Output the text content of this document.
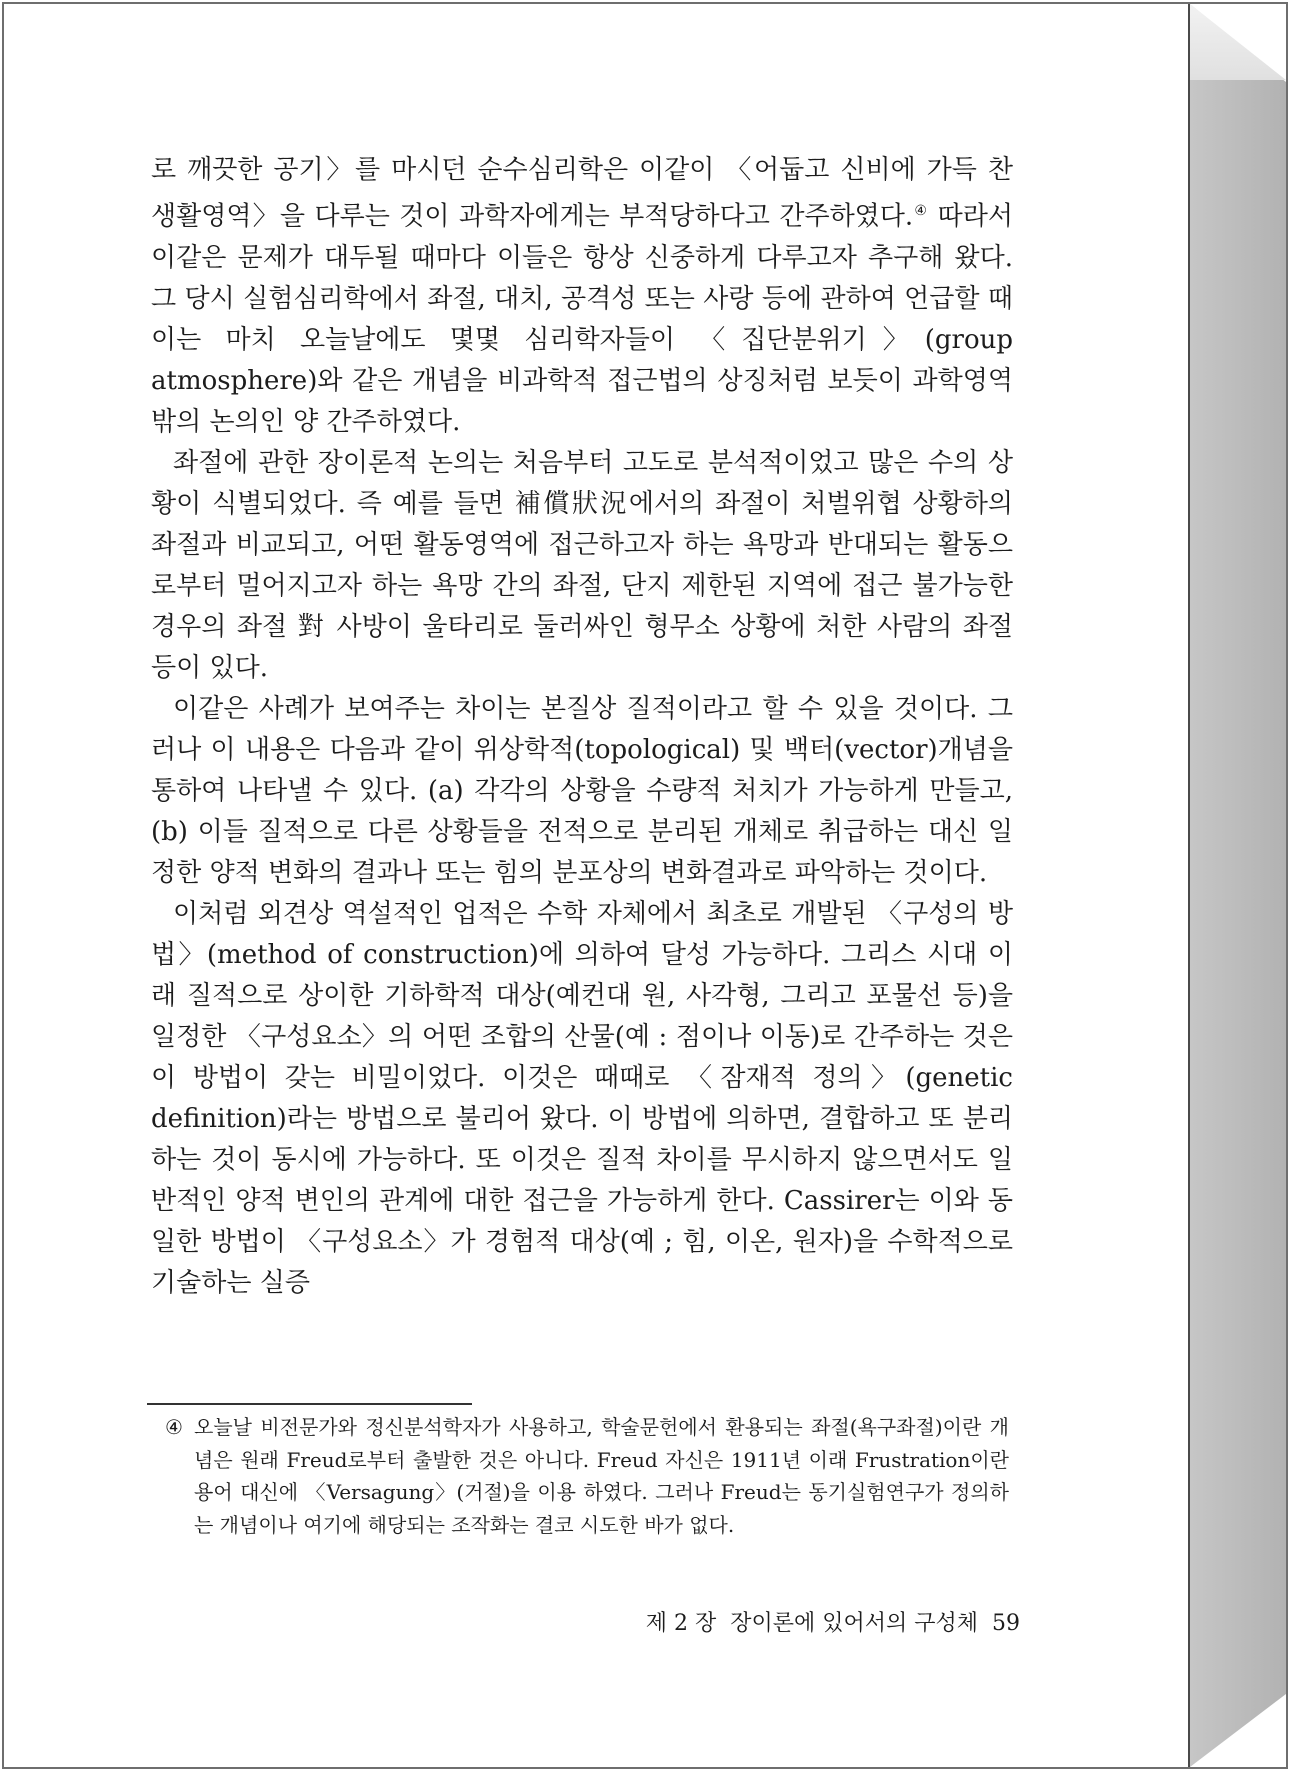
로 깨끗한 공기〉를 마시던 순수심리학은 이같이 〈어둡고 신비에 가득 찬 생활영역〉을 다루는 것이 과학자에게는 부적당하다고 간주하였다.④ 따라서 이같은 문제가 대두될 때마다 이들은 항상 신중하게 다루고자 추구해 왔다. 그 당시 실험심리학에서 좌절, 대치, 공격성 또는 사랑 등에 관하여 언급할 때 이는 마치 오늘날에도 몇몇 심리학자들이 〈집단분위기〉(group atmosphere)와 같은 개념을 비과학적 접근법의 상징처럼 보듯이 과학영역 밖의 논의인 양 간주하였다.

좌절에 관한 장이론적 논의는 처음부터 고도로 분석적이었고 많은 수의 상황이 식별되었다. 즉 예를 들면 補償狀況에서의 좌절이 처벌위협 상황하의 좌절과 비교되고, 어떤 활동영역에 접근하고자 하는 욕망과 반대되는 활동으로부터 멀어지고자 하는 욕망 간의 좌절, 단지 제한된 지역에 접근 불가능한 경우의 좌절 對 사방이 울타리로 둘러싸인 형무소 상황에 처한 사람의 좌절 등이 있다.

이같은 사례가 보여주는 차이는 본질상 질적이라고 할 수 있을 것이다. 그러나 이 내용은 다음과 같이 위상학적(topological) 및 백터(vector)개념을 통하여 나타낼 수 있다. (a) 각각의 상황을 수량적 처치가 가능하게 만들고, (b) 이들 질적으로 다른 상황들을 전적으로 분리된 개체로 취급하는 대신 일정한 양적 변화의 결과나 또는 힘의 분포상의 변화결과로 파악하는 것이다.

이처럼 외견상 역설적인 업적은 수학 자체에서 최초로 개발된 〈구성의 방법〉(method of construction)에 의하여 달성 가능하다. 그리스 시대 이래 질적으로 상이한 기하학적 대상(예컨대 원, 사각형, 그리고 포물선 등)을 일정한 〈구성요소〉의 어떤 조합의 산물(예 : 점이나 이동)로 간주하는 것은 이 방법이 갖는 비밀이었다. 이것은 때때로 〈잠재적 정의〉(genetic definition)라는 방법으로 불리어 왔다. 이 방법에 의하면, 결합하고 또 분리하는 것이 동시에 가능하다. 또 이것은 질적 차이를 무시하지 않으면서도 일반적인 양적 변인의 관계에 대한 접근을 가능하게 한다. Cassirer는 이와 동일한 방법이 〈구성요소〉가 경험적 대상(예 ; 힘, 이온, 원자)을 수학적으로 기술하는 실증

④ 오늘날 비전문가와 정신분석학자가 사용하고, 학술문헌에서 환용되는 좌절(욕구좌절)이란 개념은 원래 Freud로부터 출발한 것은 아니다. Freud 자신은 1911년 이래 Frustration이란 용어 대신에 〈Versagung〉(거절)을 이용 하였다. 그러나 Freud는 동기실험연구가 정의하는 개념이나 여기에 해당되는 조작화는 결코 시도한 바가 없다.
제 2 장 장이론에 있어서의 구성체 59
